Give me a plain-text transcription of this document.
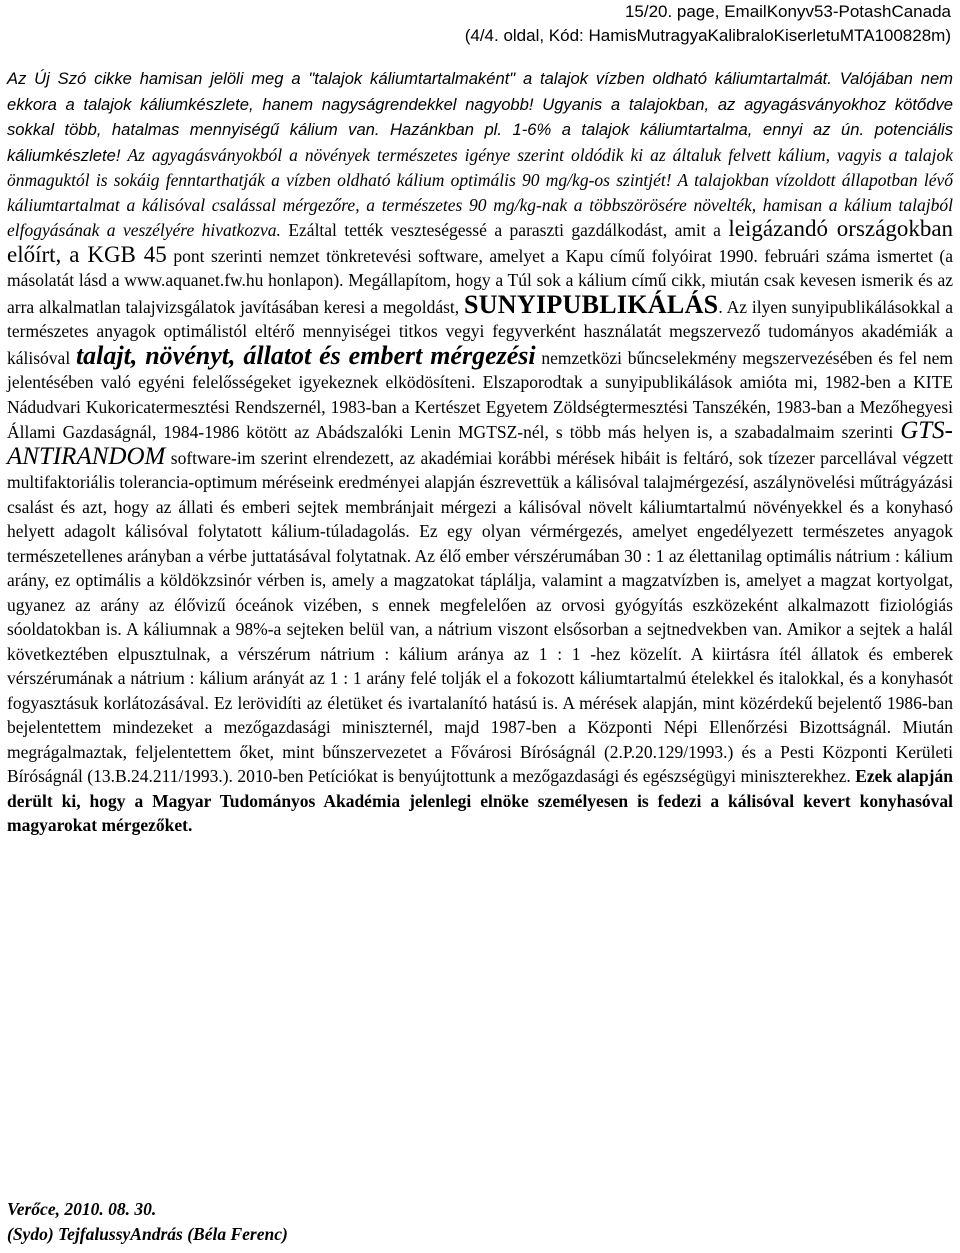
15/20. page, EmailKonyv53-PotashCanada
(4/4. oldal, Kód: HamisMutragyaKalibraloKiserletuMTA100828m)
Az Új Szó cikke hamisan jelöli meg a "talajok káliumtartalmaként" a talajok vízben oldható káliumtartalmát. Valójában nem ekkora a talajok káliumkészlete, hanem nagyságrendekkel nagyobb! Ugyanis a talajokban, az agyagásványokhoz kötődve sokkal több, hatalmas mennyiségű kálium van. Hazánkban pl. 1-6% a talajok káliumtartalma, ennyi az ún. potenciális káliumkészlete! Az agyagásványokból a növények természetes igénye szerint oldódik ki az általuk felvett kálium, vagyis a talajok önmaguktól is sokáig fenntarthatják a vízben oldható kálium optimális 90 mg/kg-os szintjét! A talajokban vízoldott állapotban lévő káliumtartalmat a kálisóval csalással mérgezőre, a természetes 90 mg/kg-nak a többszörösére növelték, hamisan a kálium talajból elfogyásának a veszélyére hivatkozva. Ezáltal tették veszteségessé a paraszti gazdálkodást, amit a leigázandó országokban előírt, a KGB 45 pont szerinti nemzet tönkretevési software, amelyet a Kapu című folyóirat 1990. februári száma ismertet (a másolatát lásd a www.aquanet.fw.hu honlapon). Megállapítom, hogy a Túl sok a kálium című cikk, miután csak kevesen ismerik és az arra alkalmatlan talajvizsgálatok javításában keresi a megoldást, SUNYIPUBLIKÁLÁS. Az ilyen sunyipublikálásokkal a természetes anyagok optimálistól eltérő mennyiségei titkos vegyi fegyverként használatát megszervező tudományos akadémiák a kálisóval talajt, növényt, állatot és embert mérgezési nemzetközi bűncselekmény megszervezésében és fel nem jelentésében való egyéni felelősségeket igyekeznek elködösíteni. Elszaporodtak a sunyipublikálások amióta mi, 1982-ben a KITE Nádudvari Kukoricatermesztési Rendszernél, 1983-ban a Kertészet Egyetem Zöldségtermesztési Tanszékén, 1983-ban a Mezőhegyesi Állami Gazdaságnál, 1984-1986 kötött az Abádszalóki Lenin MGTSZ-nél, s több más helyen is, a szabadalmaim szerinti GTS-ANTIRANDOM software-im szerint elrendezett, az akadémiai korábbi mérések hibáit is feltáró, sok tízezer parcellával végzett multifaktoriális tolerancia-optimum méréseink eredményei alapján észrevettük a kálisóval talajmérgezésí, aszálynövelési műtrágyázási csalást és azt, hogy az állati és emberi sejtek membránjait mérgezi a kálisóval növelt káliumtartalmú növényekkel és a konyhasó helyett adagolt kálisóval folytatott kálium-túladagolás. Ez egy olyan vérmérgezés, amelyet engedélyezett természetes anyagok természetellenes arányban a vérbe juttatásával folytatnak. Az élő ember vérszérumában 30 : 1 az élettanilag optimális nátrium : kálium arány, ez optimális a köldökzsinór vérben is, amely a magzatokat táplálja, valamint a magzatvízben is, amelyet a magzat kortyolgat, ugyanez az arány az élővizű óceánok vizében, s ennek megfelelően az orvosi gyógyítás eszközeként alkalmazott fiziológiás sóoldatokban is. A káliumnak a 98%-a sejteken belül van, a nátrium viszont elsősorban a sejtnedvekben van. Amikor a sejtek a halál következtében elpusztulnak, a vérszérum nátrium : kálium aránya az 1 : 1 -hez közelít. A kiirtásra ítél állatok és emberek vérszérumának a nátrium : kálium arányát az 1 : 1 arány felé tolják el a fokozott káliumtartalmú ételekkel és italokkal, és a konyhasót fogyasztásuk korlátozásával. Ez lerövidíti az életüket és ivartalanító hatású is. A mérések alapján, mint közérdekű bejelentő 1986-ban bejelentettem mindezeket a mezőgazdasági miniszternél, majd 1987-ben a Központi Népi Ellenőrzési Bizottságnál. Miután megrágalmaztak, feljelentettem őket, mint bűnszervezetet a Fővárosi Bíróságnál (2.P.20.129/1993.) és a Pesti Központi Kerületi Bíróságnál (13.B.24.211/1993.). 2010-ben Petíciókat is benyújtottunk a mezőgazdasági és egészségügyi miniszterekhez. Ezek alapján derült ki, hogy a Magyar Tudományos Akadémia jelenlegi elnöke személyesen is fedezi a kálisóval kevert konyhasóval magyarokat mérgezőket.
Verőce, 2010. 08. 30.
(Sydo) TejfalussyAndrás (Béla Ferenc)
